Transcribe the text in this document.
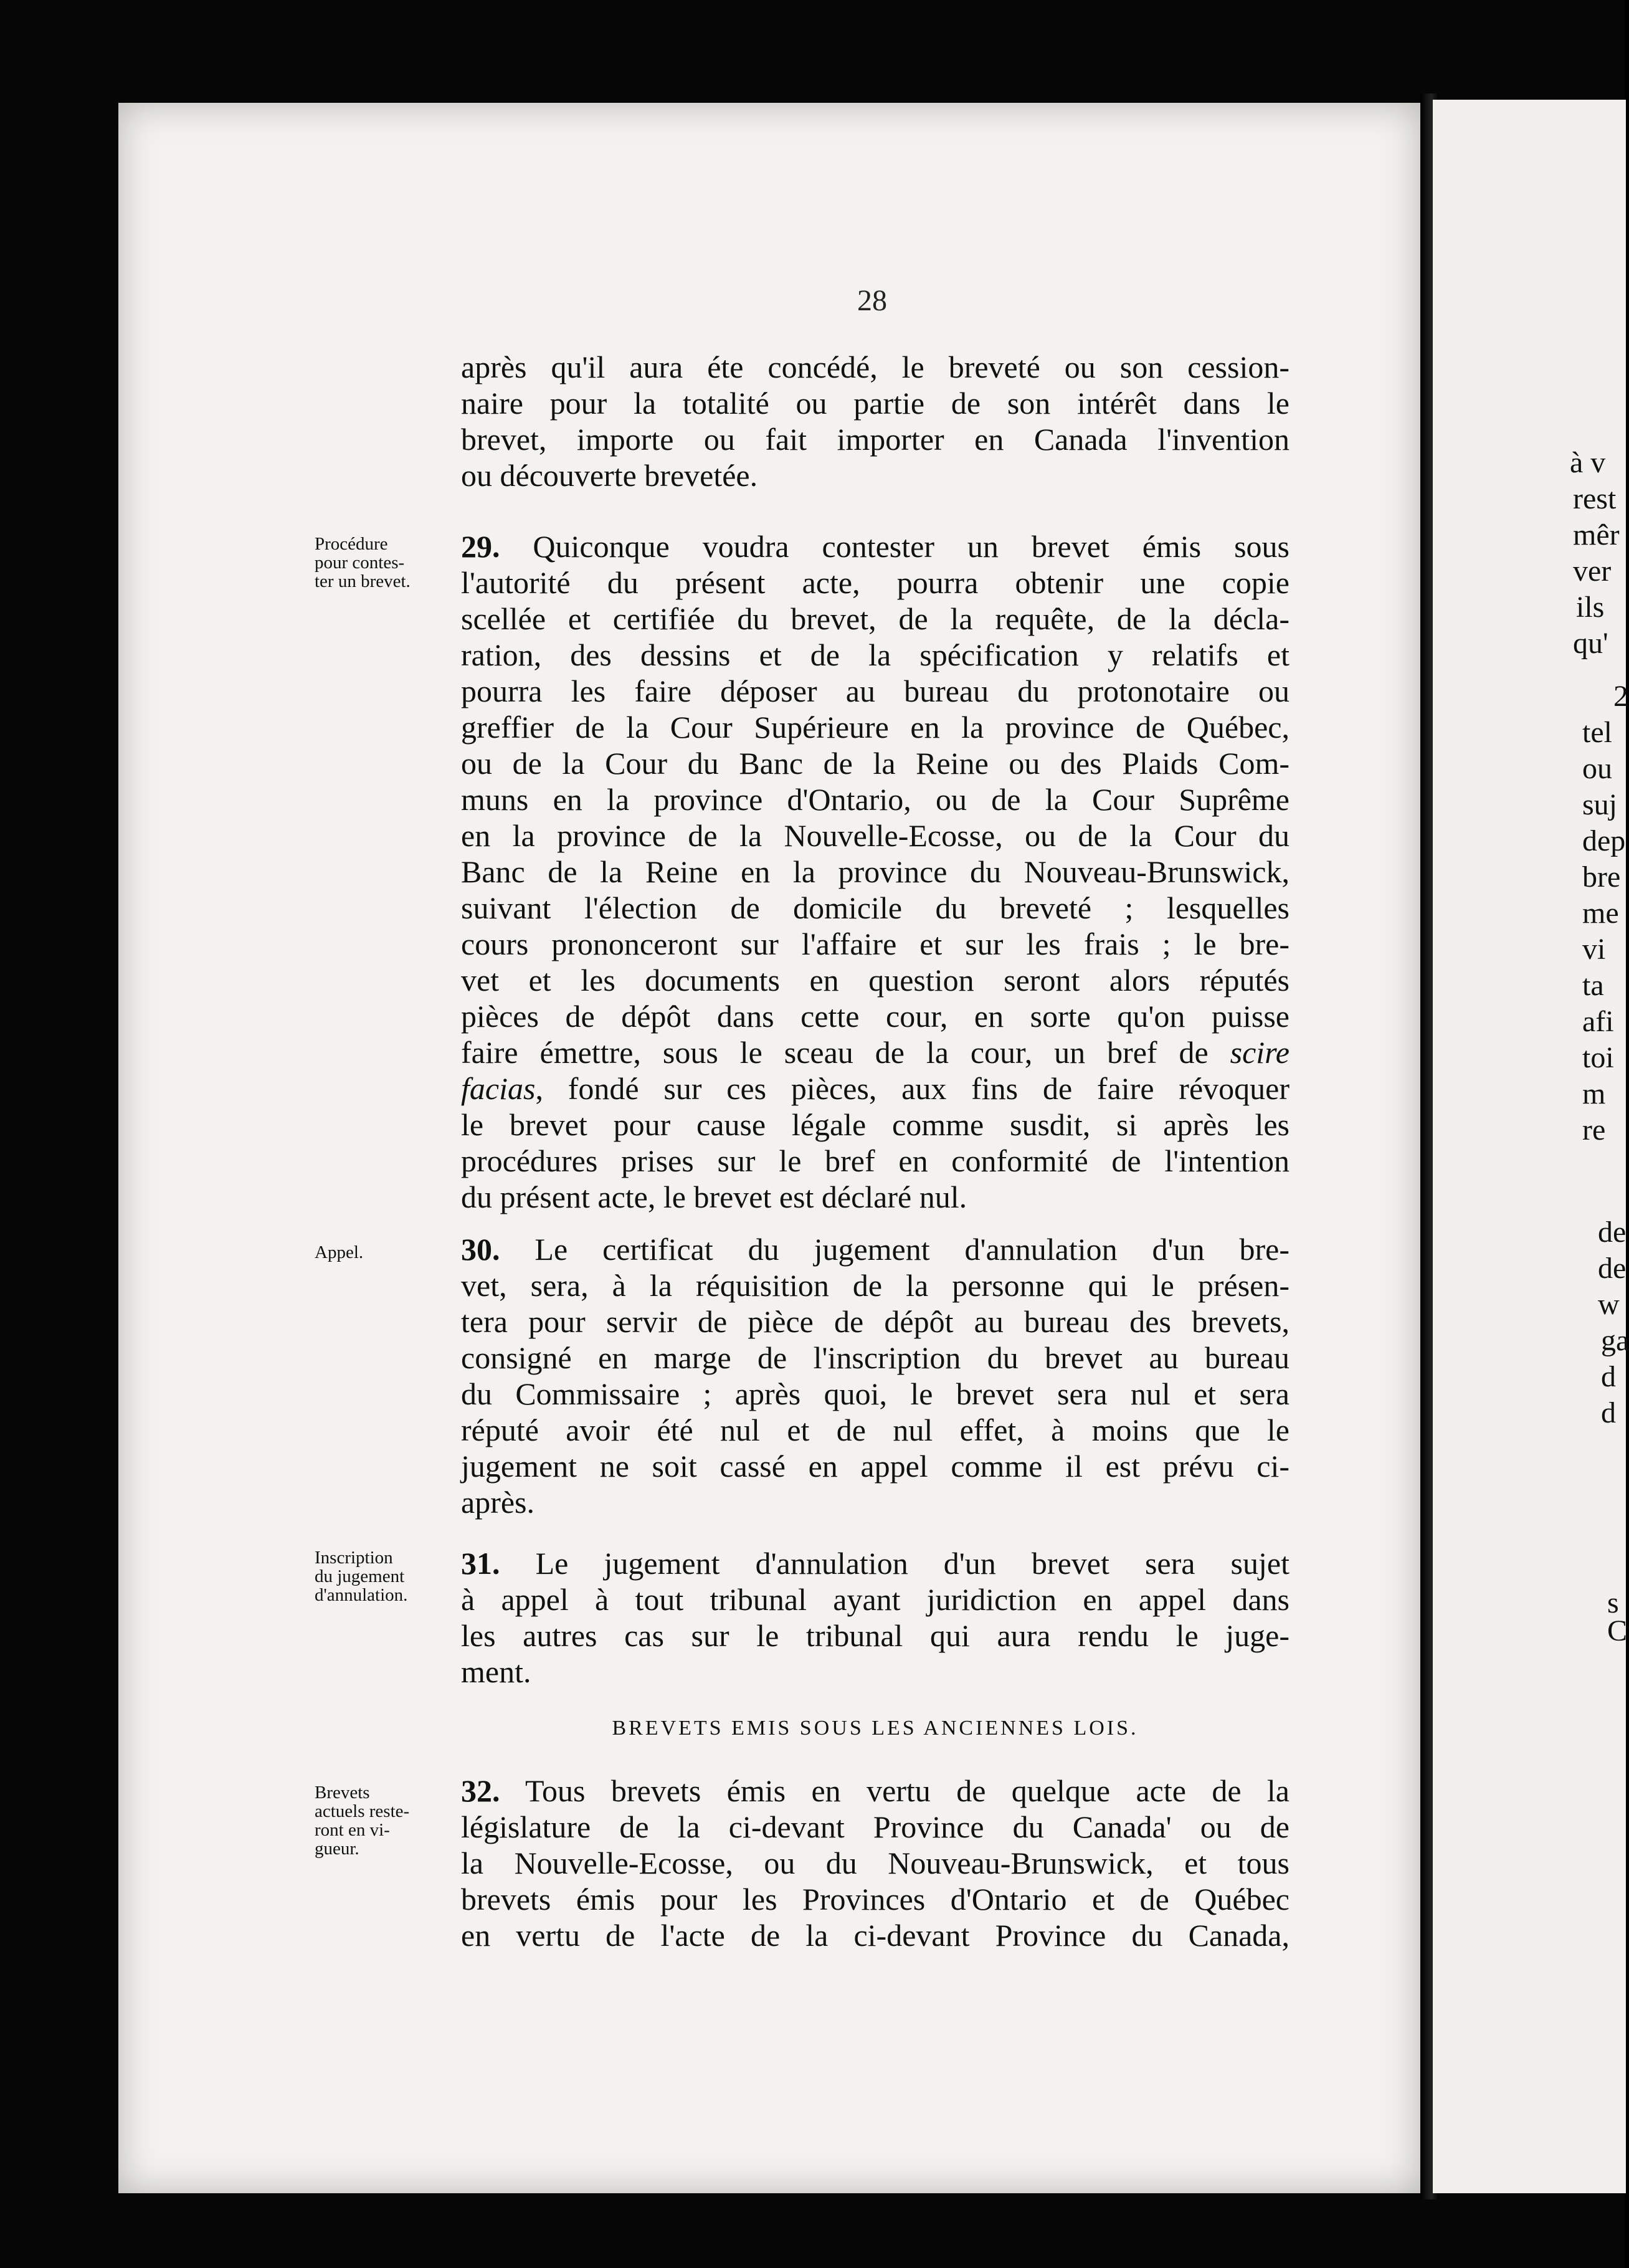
28
après qu'il aura éte concédé, le breveté ou son cession-
naire pour la totalité ou partie de son intérêt dans le
brevet, importe ou fait importer en Canada l'invention
ou découverte brevetée.
Procédure
pour contes-
ter un brevet.
29. Quiconque voudra contester un brevet émis sous
l'autorité du présent acte, pourra obtenir une copie
scellée et certifiée du brevet, de la requête, de la décla-
ration, des dessins et de la spécification y relatifs et
pourra les faire déposer au bureau du protonotaire ou
greffier de la Cour Supérieure en la province de Québec,
ou de la Cour du Banc de la Reine ou des Plaids Com-
muns en la province d'Ontario, ou de la Cour Suprême
en la province de la Nouvelle-Ecosse, ou de la Cour du
Banc de la Reine en la province du Nouveau-Brunswick,
suivant l'élection de domicile du breveté ; lesquelles
cours prononceront sur l'affaire et sur les frais ; le bre-
vet et les documents en question seront alors réputés
pièces de dépôt dans cette cour, en sorte qu'on puisse
faire émettre, sous le sceau de la cour, un bref de scire
facias, fondé sur ces pièces, aux fins de faire révoquer
le brevet pour cause légale comme susdit, si après les
procédures prises sur le bref en conformité de l'intention
du présent acte, le brevet est déclaré nul.
Appel.	30. Le certificat du jugement d'annulation d'un bre-
vet, sera, à la réquisition de la personne qui le présen-
tera pour servir de pièce de dépôt au bureau des brevets,
consigné en marge de l'inscription du brevet au bureau
du Commissaire ; après quoi, le brevet sera nul et sera
réputé avoir été nul et de nul effet, à moins que le
jugement ne soit cassé en appel comme il est prévu ci-
après.
Inscription
du jugement
d'annulation.
31. Le jugement d'annulation d'un brevet sera sujet
à appel à tout tribunal ayant juridiction en appel dans
les autres cas sur le tribunal qui aura rendu le juge-
ment.
BREVETS EMIS SOUS LES ANCIENNES LOIS.
Brevets
actuels reste-
ront en vi-
gueur.
32. Tous brevets émis en vertu de quelque acte de la
législature de la ci-devant Province du Canada' ou de
la Nouvelle-Ecosse, ou du Nouveau-Brunswick, et tous
brevets émis pour les Provinces d'Ontario et de Québec
en vertu de l'acte de la ci-devant Province du Canada,
à v
rest
mêr
ver
ils
qu'
2
tel
ou
suj
dep
bre
me
vi
ta
afi
toi
m
re
de
de
w
ga
d
d
s
C
